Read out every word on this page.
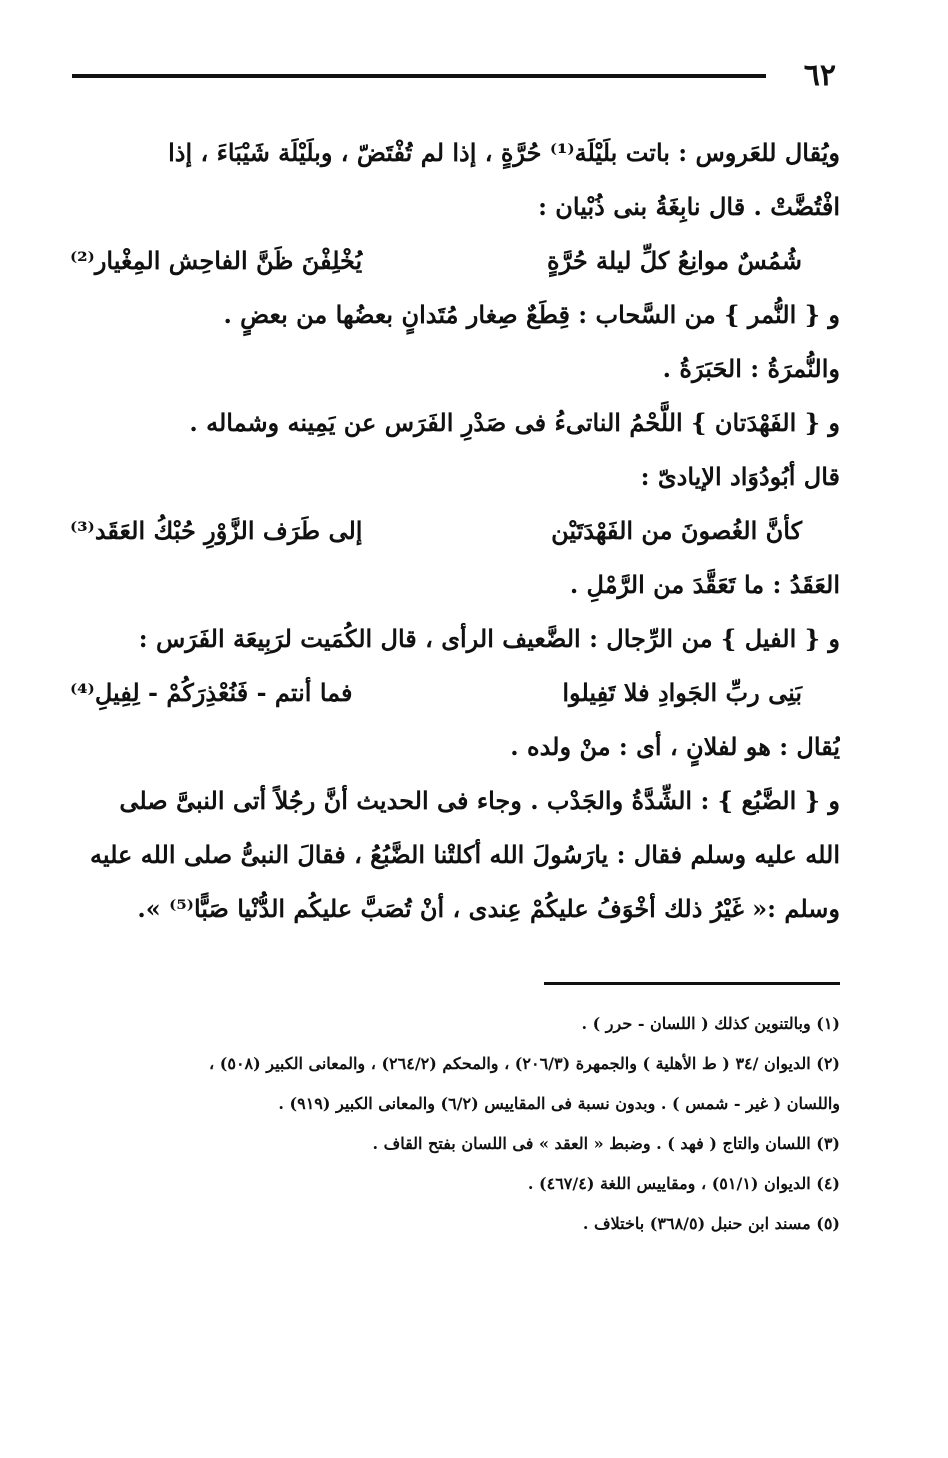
٦٢
ويُقال للعَروس : باتت بلَيْلَة⁽¹⁾ حُرَّةٍ ، إذا لم تُفْتَضّ ، وبلَيْلَة شَيْبَاءَ ، إذا
افْتُضَّتْ . قال نابِغَةُ بنى ذُبْيان :
شُمُسٌ موانِعُ كلِّ ليلة حُرَّةٍ
يُخْلِفْنَ ظَنَّ الفاحِش المِغْيار⁽²⁾
و { النُّمر } من السَّحاب : قِطَعٌ صِغار مُتَدانٍ بعضُها من بعضٍ .
والنُّمرَةُ : الحَبَرَةُ .
و { الفَهْدَتان } اللَّحْمُ الناتىءُ فى صَدْرِ الفَرَس عن يَمِينه وشماله .
قال أبُودُوَاد الإيادىّ :
كأنَّ الغُصونَ من الفَهْدَتَيْن
إلى طَرَف الزَّوْرِ حُبْكُ العَقَد⁽³⁾
العَقَدُ : ما تَعَقَّدَ من الرَّمْلِ .
و { الفيل } من الرِّجال : الضَّعيف الرأى ، قال الكُمَيت لرَبِيعَة الفَرَس :
بَنِى ربِّ الجَوادِ فلا تَفِيلوا
فما أنتم - فَنُعْذِرَكُمْ - لِفِيلِ⁽⁴⁾
يُقال : هو لفلانٍ ، أى : منْ ولده .
و { الضَّبُع } : الشِّدَّةُ والجَدْب . وجاء فى الحديث أنَّ رجُلاً أتى النبىَّ صلى
الله عليه وسلم فقال : يارَسُولَ الله أكلتْنا الضَّبُعُ ، فقالَ النبىُّ صلى الله عليه
وسلم :« غَيْرُ ذلك أخْوَفُ عليكُمْ عِندى ، أنْ تُصَبَّ عليكُم الدُّنْيا صَبًّا⁽⁵⁾ ».
(١) وبالتنوين كذلك ( اللسان - حرر ) .
(٢) الديوان /٣٤ ( ط الأهلية ) والجمهرة (٢٠٦/٣) ، والمحكم (٢٦٤/٢) ، والمعانى الكبير (٥٠٨) ،
واللسان ( غير - شمس ) . وبدون نسبة فى المقاييس (٦/٢) والمعانى الكبير (٩١٩) .
(٣) اللسان والتاج ( فهد ) . وضبط « العقد » فى اللسان بفتح القاف .
(٤) الديوان (٥١/١) ، ومقاييس اللغة (٤٦٧/٤) .
(٥) مسند ابن حنبل (٣٦٨/٥) باختلاف .
